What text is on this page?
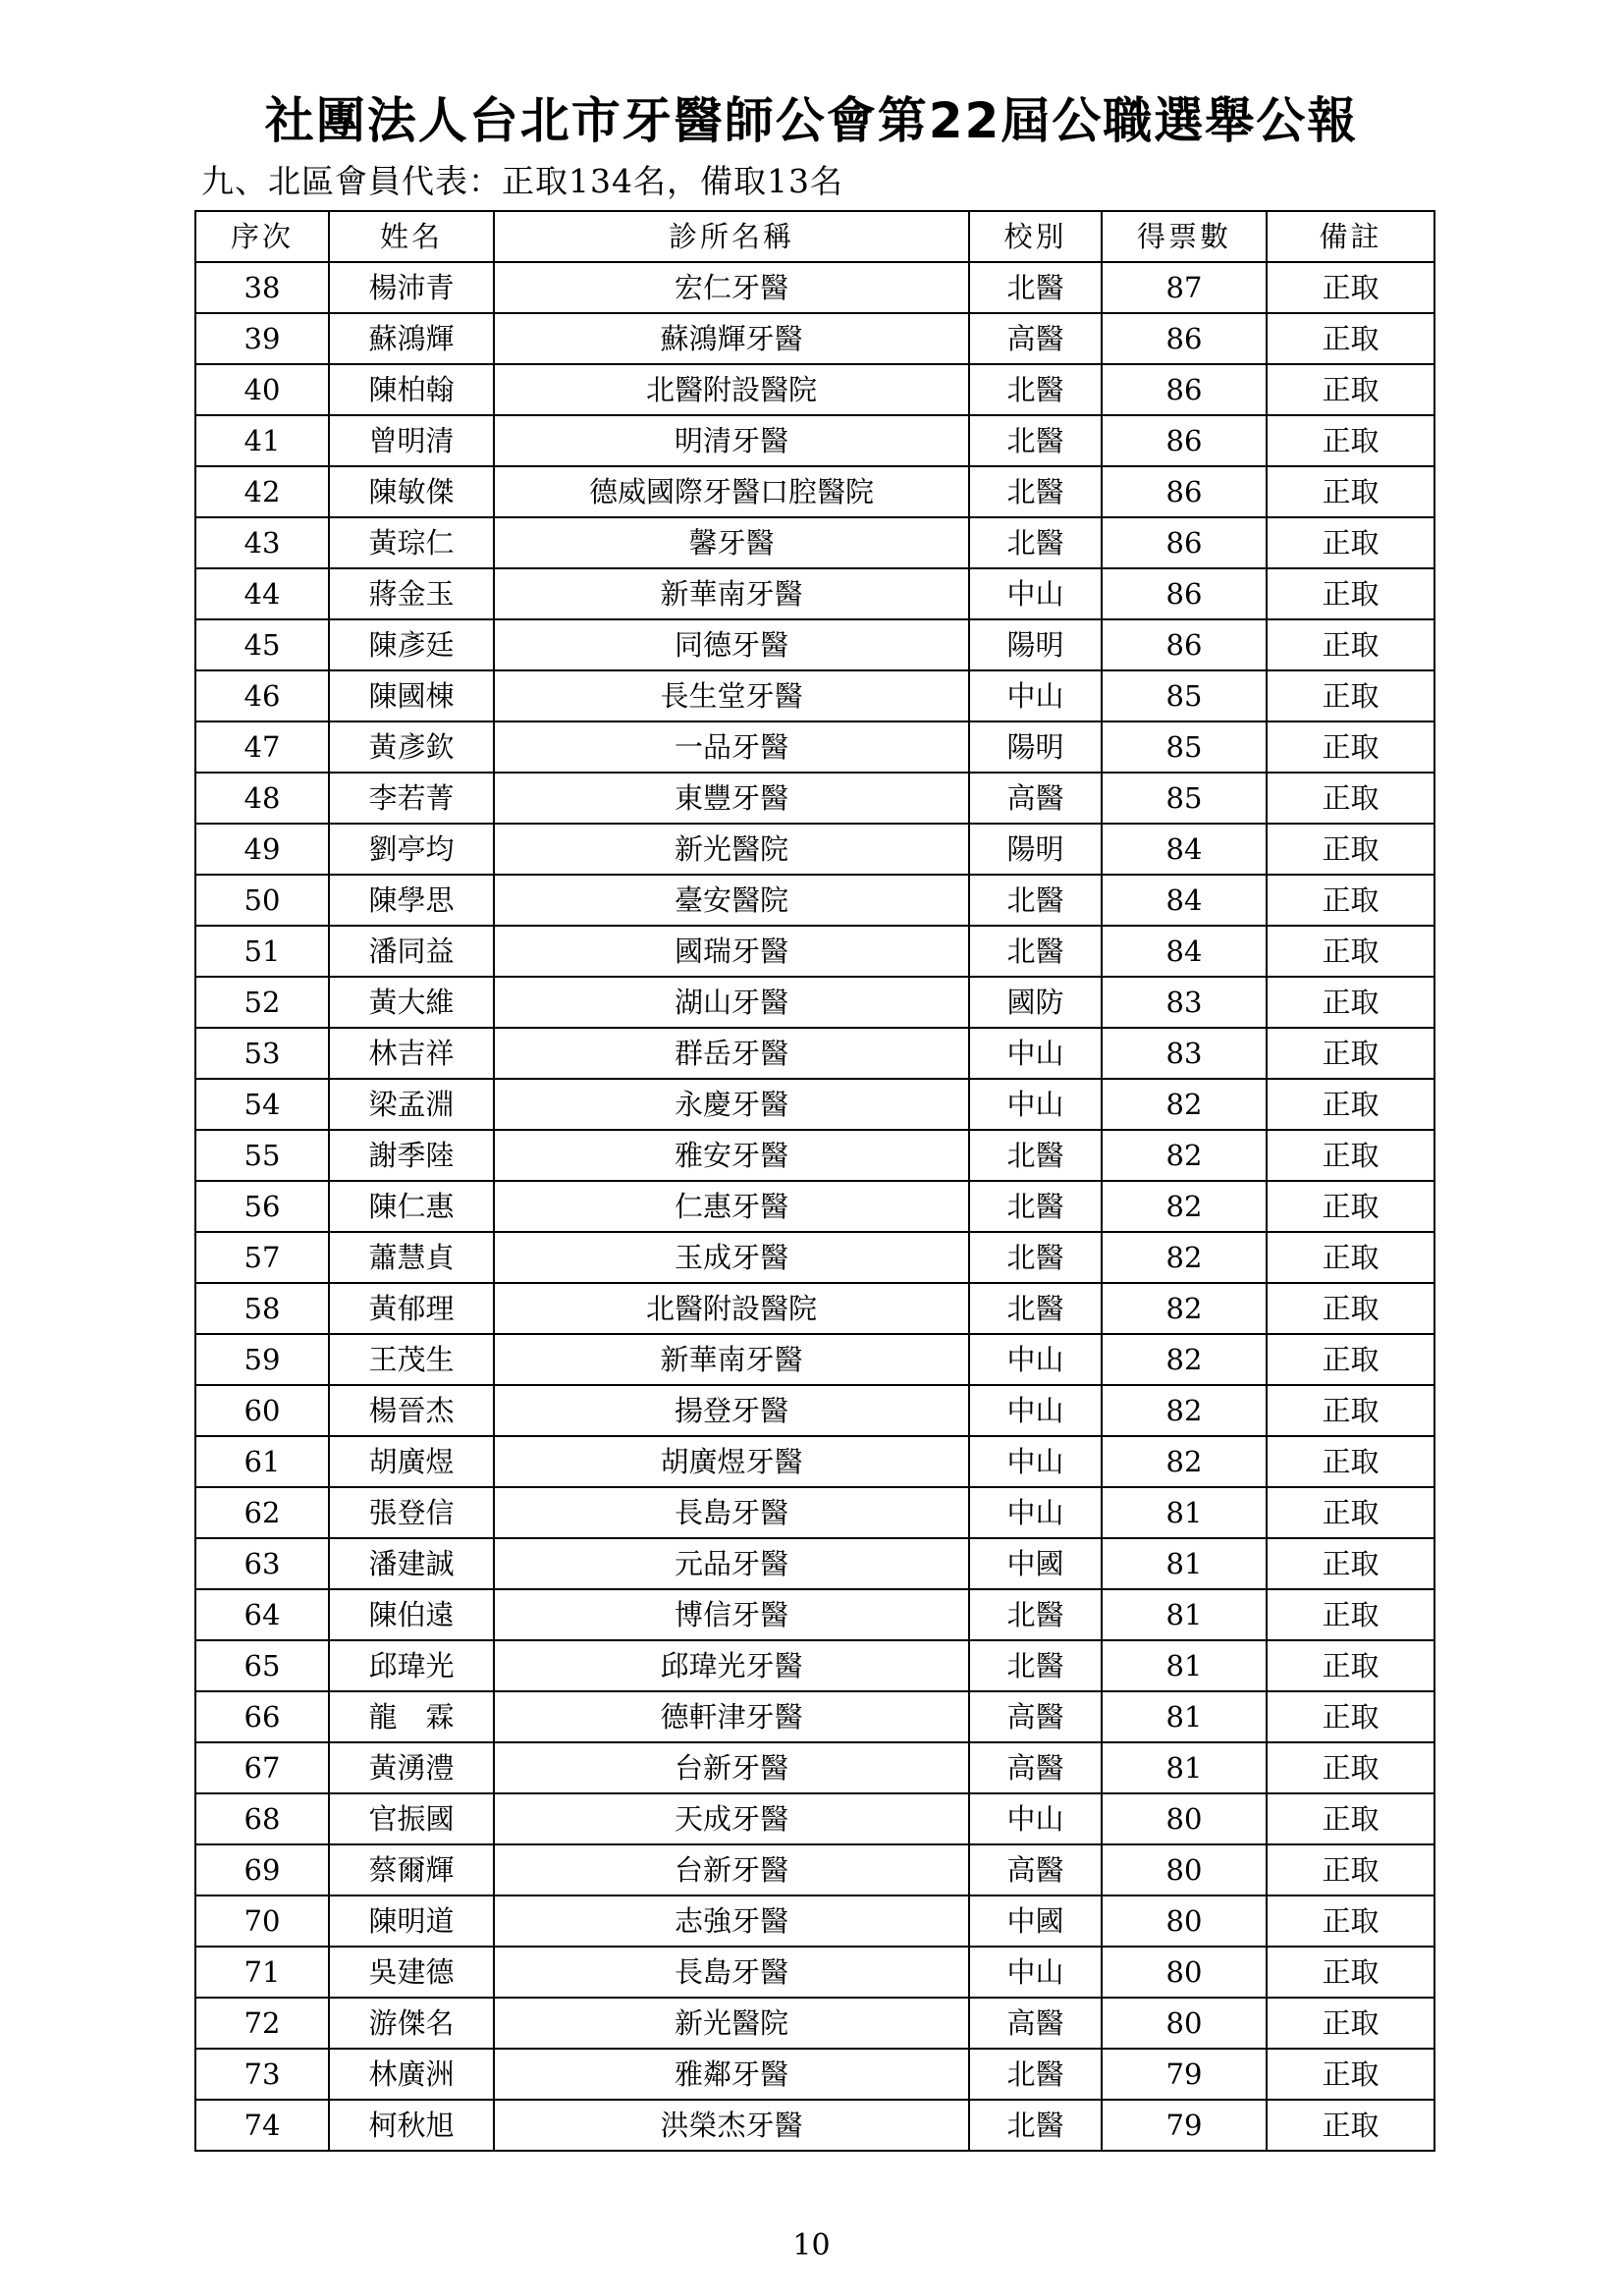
社團法人台北市牙醫師公會第22屆公職選舉公報
九、北區會員代表：正取134名，備取13名
序次	姓名	診所名稱	校別	得票數	備註
38	楊沛青	宏仁牙醫	北醫	87	正取
39	蘇鴻輝	蘇鴻輝牙醫	高醫	86	正取
40	陳柏翰	北醫附設醫院	北醫	86	正取
41	曾明清	明清牙醫	北醫	86	正取
42	陳敏傑	德威國際牙醫口腔醫院	北醫	86	正取
43	黃琮仁	馨牙醫	北醫	86	正取
44	蔣金玉	新華南牙醫	中山	86	正取
45	陳彥廷	同德牙醫	陽明	86	正取
46	陳國棟	長生堂牙醫	中山	85	正取
47	黃彥欽	一品牙醫	陽明	85	正取
48	李若菁	東豐牙醫	高醫	85	正取
49	劉亭均	新光醫院	陽明	84	正取
50	陳學思	臺安醫院	北醫	84	正取
51	潘同益	國瑞牙醫	北醫	84	正取
52	黃大維	湖山牙醫	國防	83	正取
53	林吉祥	群岳牙醫	中山	83	正取
54	梁孟淵	永慶牙醫	中山	82	正取
55	謝季陸	雅安牙醫	北醫	82	正取
56	陳仁惠	仁惠牙醫	北醫	82	正取
57	蕭慧貞	玉成牙醫	北醫	82	正取
58	黃郁理	北醫附設醫院	北醫	82	正取
59	王茂生	新華南牙醫	中山	82	正取
60	楊晉杰	揚登牙醫	中山	82	正取
61	胡廣煜	胡廣煜牙醫	中山	82	正取
62	張登信	長島牙醫	中山	81	正取
63	潘建誠	元品牙醫	中國	81	正取
64	陳伯遠	博信牙醫	北醫	81	正取
65	邱瑋光	邱瑋光牙醫	北醫	81	正取
66	龍　霖	德軒津牙醫	高醫	81	正取
67	黃湧澧	台新牙醫	高醫	81	正取
68	官振國	天成牙醫	中山	80	正取
69	蔡爾輝	台新牙醫	高醫	80	正取
70	陳明道	志強牙醫	中國	80	正取
71	吳建德	長島牙醫	中山	80	正取
72	游傑名	新光醫院	高醫	80	正取
73	林廣洲	雅鄰牙醫	北醫	79	正取
74	柯秋旭	洪榮杰牙醫	北醫	79	正取
10
